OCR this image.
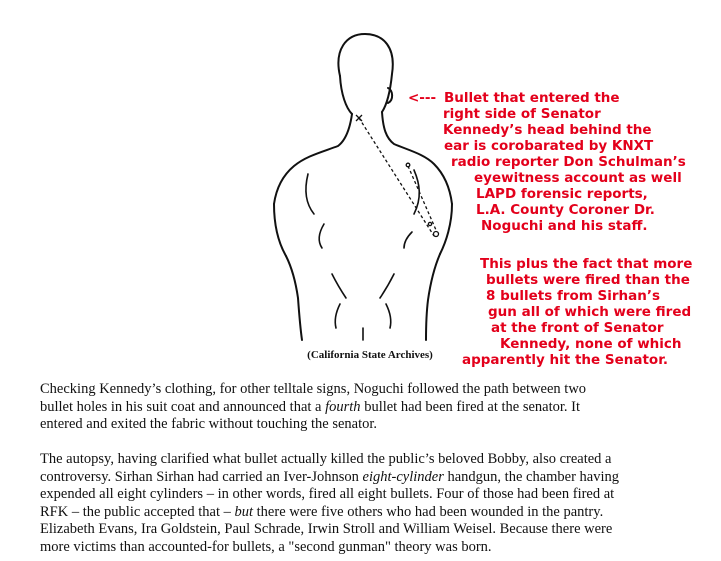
(California State Archives)
<--- Bullet that entered the
right side of Senator
Kennedy’s head behind the
ear is corobarated by KNXT
radio reporter Don Schulman’s
eyewitness account as well
LAPD forensic reports,
L.A. County Coroner Dr.
Noguchi and his staff.
This plus the fact that more
bullets were fired than the
8 bullets from Sirhan’s
gun all of which were fired
at the front of Senator
Kennedy, none of which
apparently hit the Senator.

Checking Kennedy’s clothing, for other telltale signs, Noguchi followed the path between two
bullet holes in his suit coat and announced that a fourth bullet had been fired at the senator. It
entered and exited the fabric without touching the senator.

The autopsy, having clarified what bullet actually killed the public’s beloved Bobby, also created a
controversy. Sirhan Sirhan had carried an Iver-Johnson eight-cylinder handgun, the chamber having
expended all eight cylinders – in other words, fired all eight bullets. Four of those had been fired at
RFK – the public accepted that – but there were five others who had been wounded in the pantry.
Elizabeth Evans, Ira Goldstein, Paul Schrade, Irwin Stroll and William Weisel. Because there were
more victims than accounted-for bullets, a "second gunman" theory was born.
